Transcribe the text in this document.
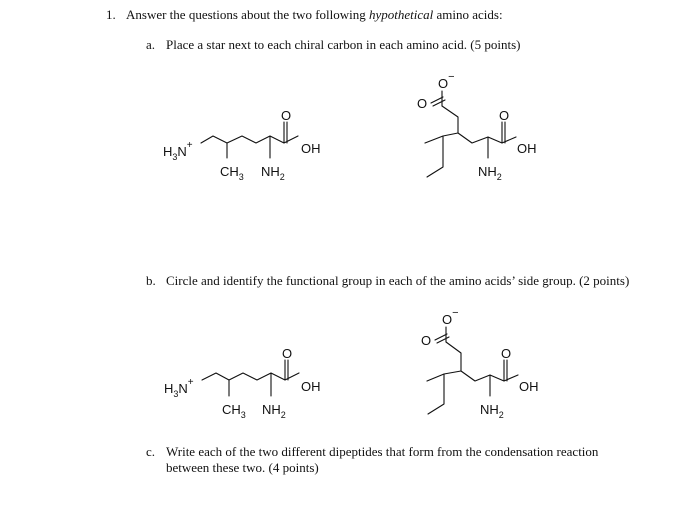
1. Answer the questions about the two following hypothetical amino acids:
a. Place a star next to each chiral carbon in each amino acid. (5 points)
b. Circle and identify the functional group in each of the amino acids’ side group. (2 points)
c. Write each of the two different dipeptides that form from the condensation reaction
between these two. (4 points)
$H_3N^+$	OH
O
$CH_3$ $NH_2$
O−
O
O
OH
$NH_2$
$H_3N^+$	OH
O
$CH_3$ $NH_2$
O−
O
O
OH
$NH_2$
